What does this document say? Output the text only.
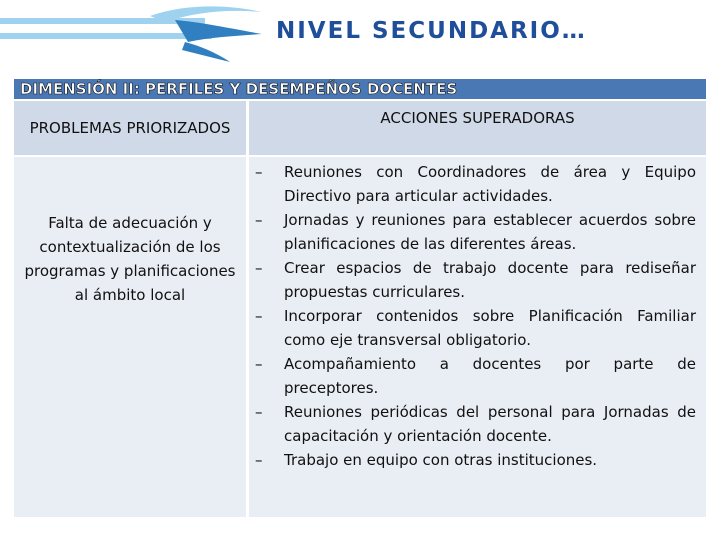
NIVEL SECUNDARIO…
DIMENSIÓN II: PERFILES Y DESEMPEÑOS DOCENTES
PROBLEMAS PRIORIZADOS
ACCIONES SUPERADORAS
Falta de adecuación y contextualización de los programas y planificaciones al ámbito local
– Reuniones con Coordinadores de área y Equipo Directivo para articular actividades.
– Jornadas y reuniones para establecer acuerdos sobre planificaciones de las diferentes áreas.
– Crear espacios de trabajo docente para rediseñar propuestas curriculares.
– Incorporar contenidos sobre Planificación Familiar como eje transversal obligatorio.
– Acompañamiento a docentes por parte de preceptores.
– Reuniones periódicas del personal para Jornadas de capacitación y orientación docente.
– Trabajo en equipo con otras instituciones.
